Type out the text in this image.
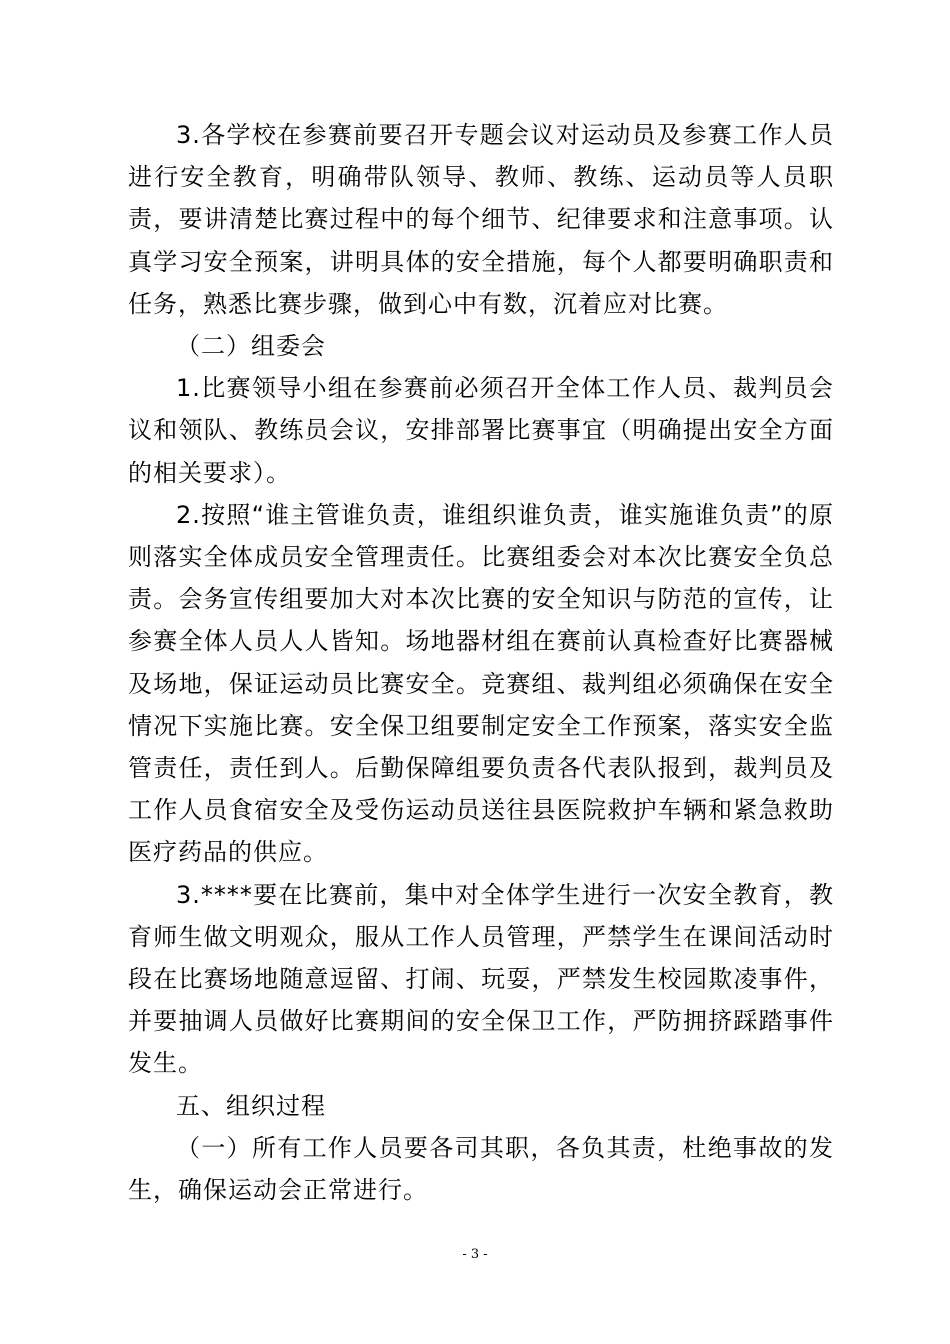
3.各学校在参赛前要召开专题会议对运动员及参赛工作人员进行安全教育，明确带队领导、教师、教练、运动员等人员职责，要讲清楚比赛过程中的每个细节、纪律要求和注意事项。认真学习安全预案，讲明具体的安全措施，每个人都要明确职责和任务，熟悉比赛步骤，做到心中有数，沉着应对比赛。

（二）组委会

1.比赛领导小组在参赛前必须召开全体工作人员、裁判员会议和领队、教练员会议，安排部署比赛事宜（明确提出安全方面的相关要求）。

2.按照“谁主管谁负责，谁组织谁负责，谁实施谁负责”的原则落实全体成员安全管理责任。比赛组委会对本次比赛安全负总责。会务宣传组要加大对本次比赛的安全知识与防范的宣传，让参赛全体人员人人皆知。场地器材组在赛前认真检查好比赛器械及场地，保证运动员比赛安全。竞赛组、裁判组必须确保在安全情况下实施比赛。安全保卫组要制定安全工作预案，落实安全监管责任，责任到人。后勤保障组要负责各代表队报到，裁判员及工作人员食宿安全及受伤运动员送往县医院救护车辆和紧急救助医疗药品的供应。

3.****要在比赛前，集中对全体学生进行一次安全教育，教育师生做文明观众，服从工作人员管理，严禁学生在课间活动时段在比赛场地随意逗留、打闹、玩耍，严禁发生校园欺凌事件，并要抽调人员做好比赛期间的安全保卫工作，严防拥挤踩踏事件发生。

五、组织过程

（一）所有工作人员要各司其职，各负其责，杜绝事故的发生，确保运动会正常进行。

- 3 -
